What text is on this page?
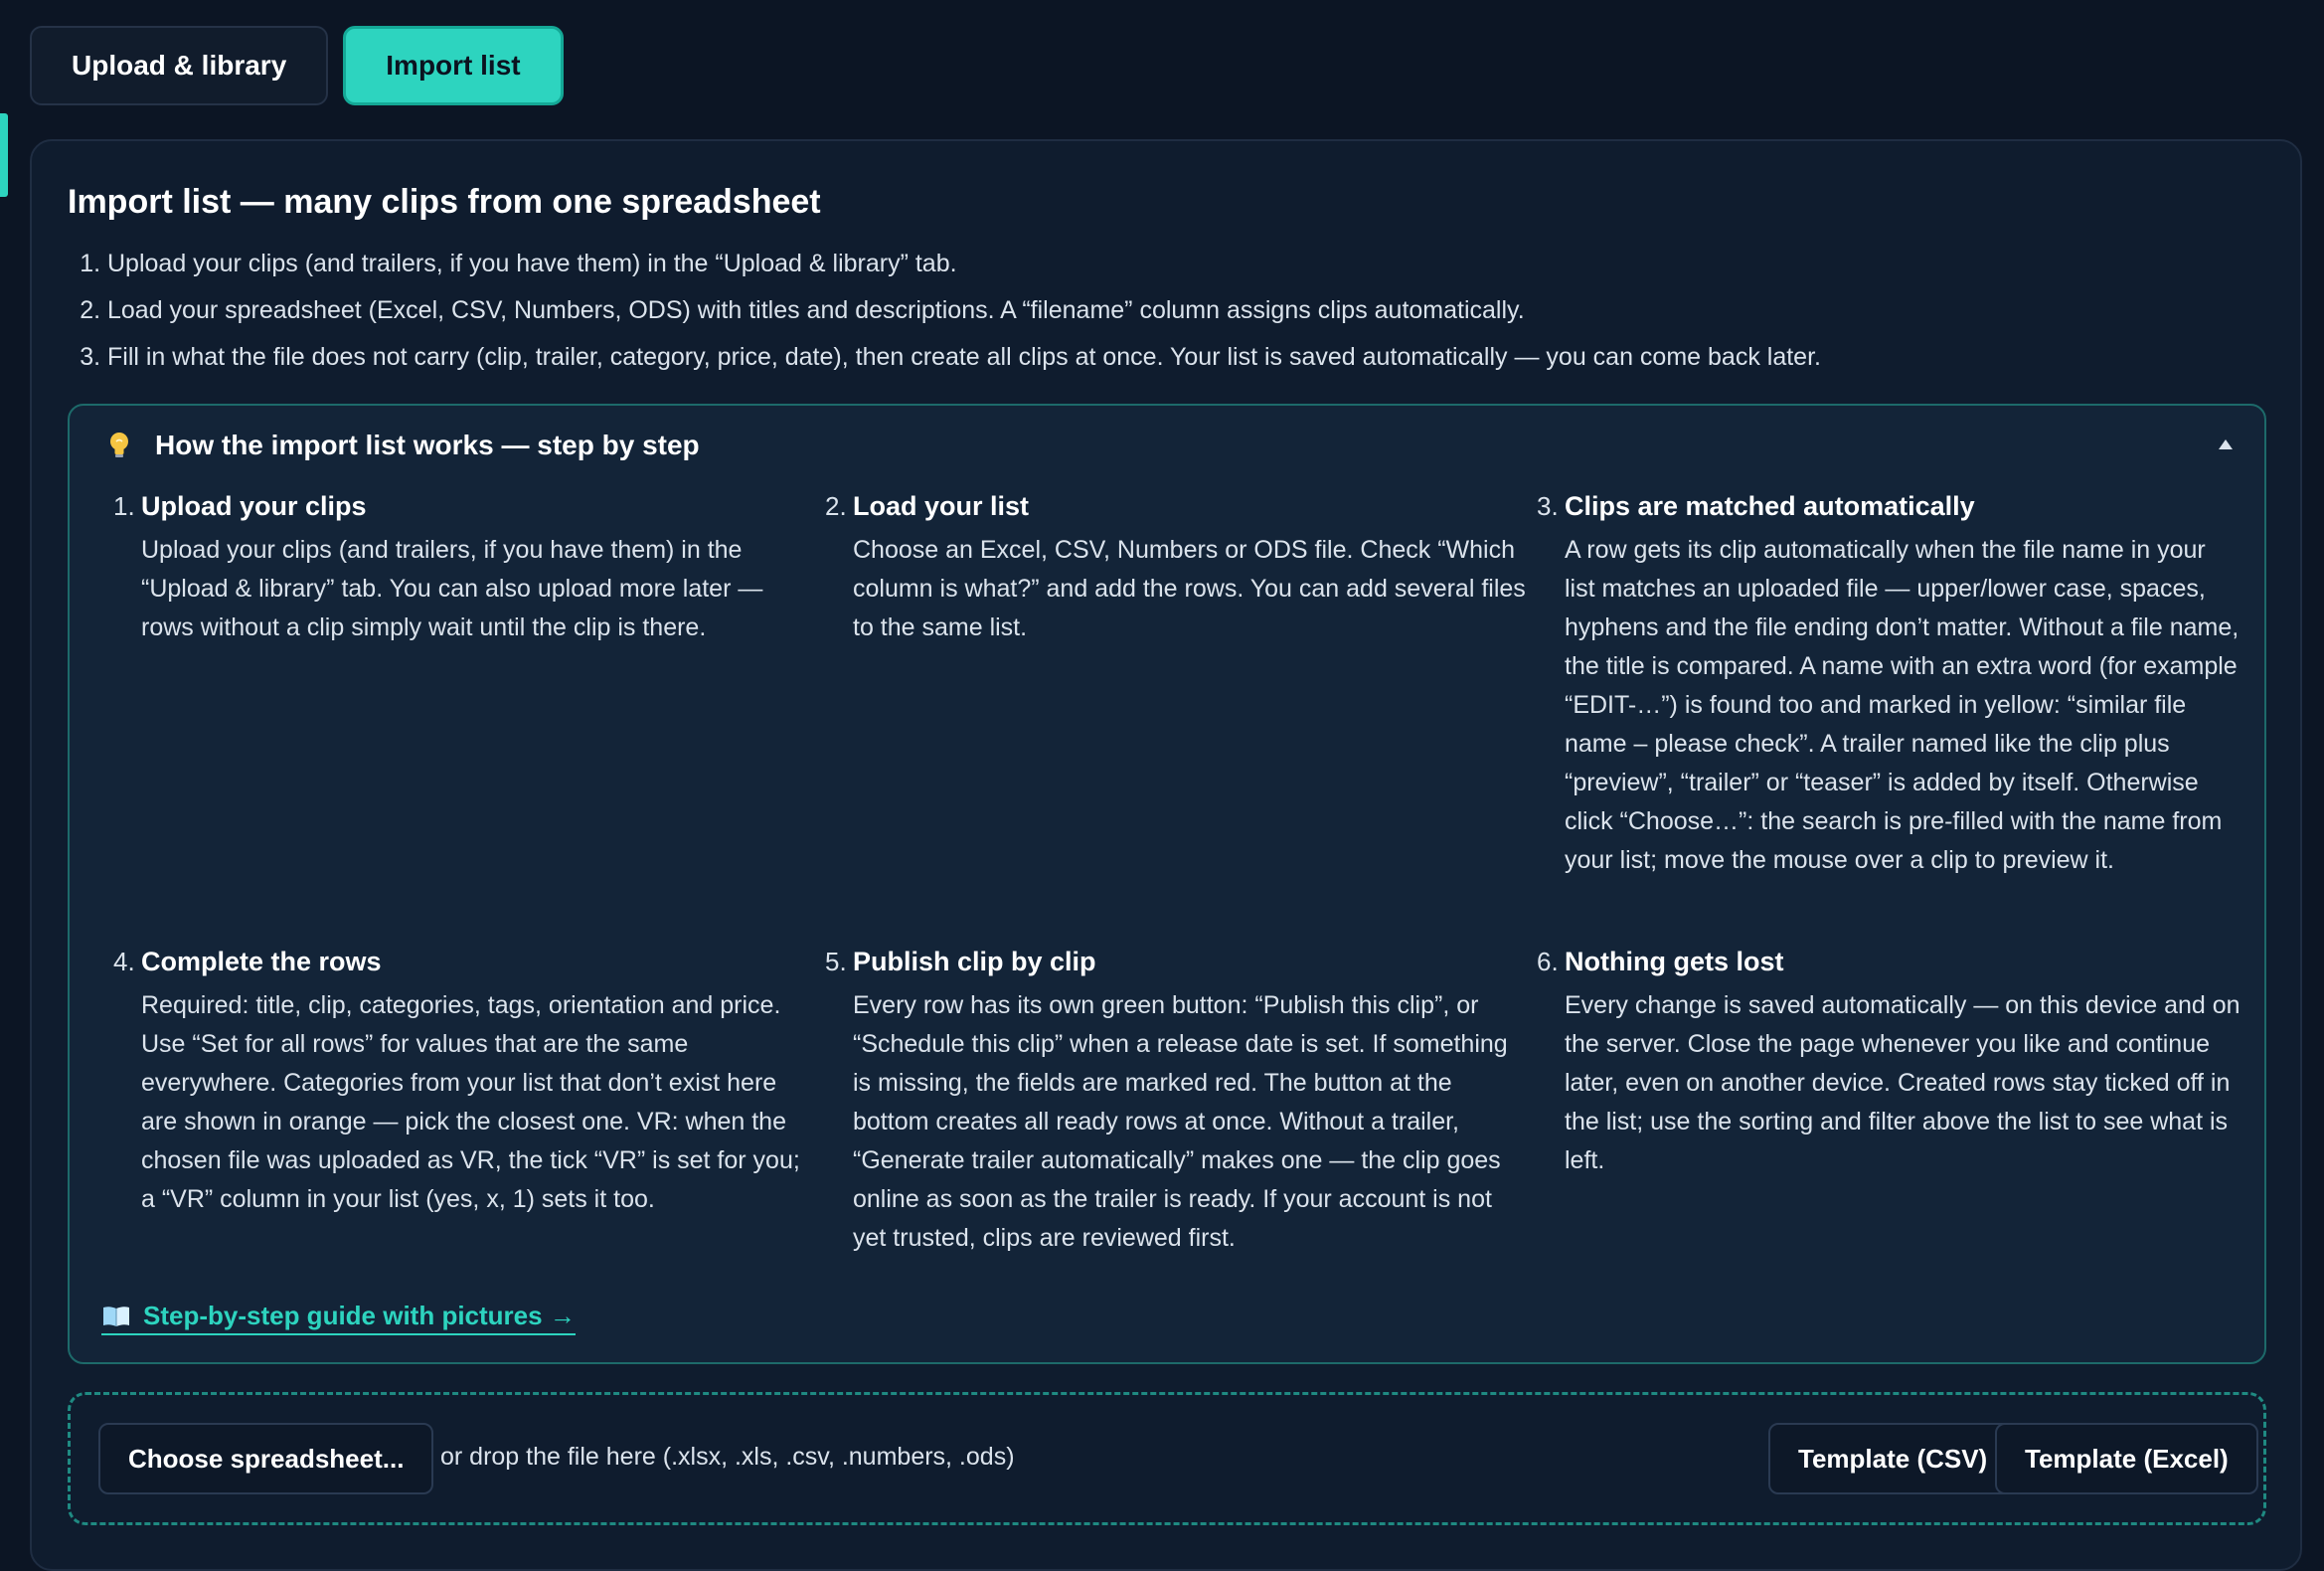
Upload & library	Import list
Import list — many clips from one spreadsheet
1. Upload your clips (and trailers, if you have them) in the “Upload & library” tab.
2. Load your spreadsheet (Excel, CSV, Numbers, ODS) with titles and descriptions. A “filename” column assigns clips automatically.
3. Fill in what the file does not carry (clip, trailer, category, price, date), then create all clips at once. Your list is saved automatically — you can come back later.
How the import list works — step by step
1. Upload your clips
Upload your clips (and trailers, if you have them) in the “Upload & library” tab. You can also upload more later — rows without a clip simply wait until the clip is there.
2. Load your list
Choose an Excel, CSV, Numbers or ODS file. Check “Which column is what?” and add the rows. You can add several files to the same list.
3. Clips are matched automatically
A row gets its clip automatically when the file name in your list matches an uploaded file — upper/lower case, spaces, hyphens and the file ending don’t matter. Without a file name, the title is compared. A name with an extra word (for example “EDIT-…”) is found too and marked in yellow: “similar file name – please check”. A trailer named like the clip plus “preview”, “trailer” or “teaser” is added by itself. Otherwise click “Choose…”: the search is pre-filled with the name from your list; move the mouse over a clip to preview it.
4. Complete the rows
Required: title, clip, categories, tags, orientation and price. Use “Set for all rows” for values that are the same everywhere. Categories from your list that don’t exist here are shown in orange — pick the closest one. VR: when the chosen file was uploaded as VR, the tick “VR” is set for you; a “VR” column in your list (yes, x, 1) sets it too.
5. Publish clip by clip
Every row has its own green button: “Publish this clip”, or “Schedule this clip” when a release date is set. If something is missing, the fields are marked red. The button at the bottom creates all ready rows at once. Without a trailer, “Generate trailer automatically” makes one — the clip goes online as soon as the trailer is ready. If your account is not yet trusted, clips are reviewed first.
6. Nothing gets lost
Every change is saved automatically — on this device and on the server. Close the page whenever you like and continue later, even on another device. Created rows stay ticked off in the list; use the sorting and filter above the list to see what is left.
Step-by-step guide with pictures →
Choose spreadsheet...	or drop the file here (.xlsx, .xls, .csv, .numbers, .ods)	Template (CSV)	Template (Excel)
